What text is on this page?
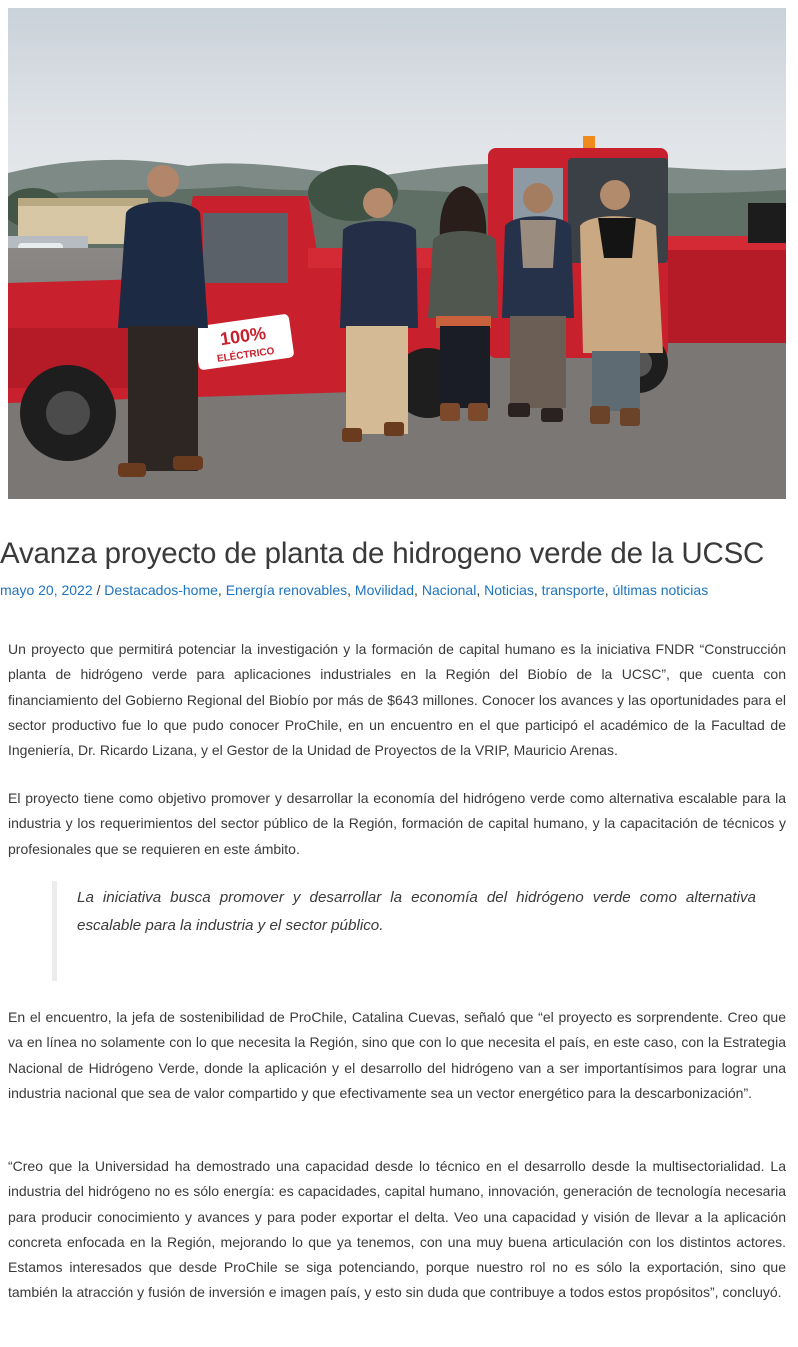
100%
ELÉCTRICO
Avanza proyecto de planta de hidrogeno verde de la UCSC
mayo 20, 2022 / Destacados-home, Energía renovables, Movilidad, Nacional, Noticias, transporte, últimas noticias

Un proyecto que permitirá potenciar la investigación y la formación de capital humano es la iniciativa FNDR “Construcción planta de hidrógeno verde para aplicaciones industriales en la Región del Biobío de la UCSC”, que cuenta con financiamiento del Gobierno Regional del Biobío por más de $643 millones. Conocer los avances y las oportunidades para el sector productivo fue lo que pudo conocer ProChile, en un encuentro en el que participó el académico de la Facultad de Ingeniería, Dr. Ricardo Lizana, y el Gestor de la Unidad de Proyectos de la VRIP, Mauricio Arenas.

El proyecto tiene como objetivo promover y desarrollar la economía del hidrógeno verde como alternativa escalable para la industria y los requerimientos del sector público de la Región, formación de capital humano, y la capacitación de técnicos y profesionales que se requieren en este ámbito.

La iniciativa busca promover y desarrollar la economía del hidrógeno verde como alternativa escalable para la industria y el sector público.

En el encuentro, la jefa de sostenibilidad de ProChile, Catalina Cuevas, señaló que “el proyecto es sorprendente. Creo que va en línea no solamente con lo que necesita la Región, sino que con lo que necesita el país, en este caso, con la Estrategia Nacional de Hidrógeno Verde, donde la aplicación y el desarrollo del hidrógeno van a ser importantísimos para lograr una industria nacional que sea de valor compartido y que efectivamente sea un vector energético para la descarbonización”.

“Creo que la Universidad ha demostrado una capacidad desde lo técnico en el desarrollo desde la multisectorialidad. La industria del hidrógeno no es sólo energía: es capacidades, capital humano, innovación, generación de tecnología necesaria para producir conocimiento y avances y para poder exportar el delta. Veo una capacidad y visión de llevar a la aplicación concreta enfocada en la Región, mejorando lo que ya tenemos, con una muy buena articulación con los distintos actores. Estamos interesados que desde ProChile se siga potenciando, porque nuestro rol no es sólo la exportación, sino que también la atracción y fusión de inversión e imagen país, y esto sin duda que contribuye a todos estos propósitos”, concluyó.
